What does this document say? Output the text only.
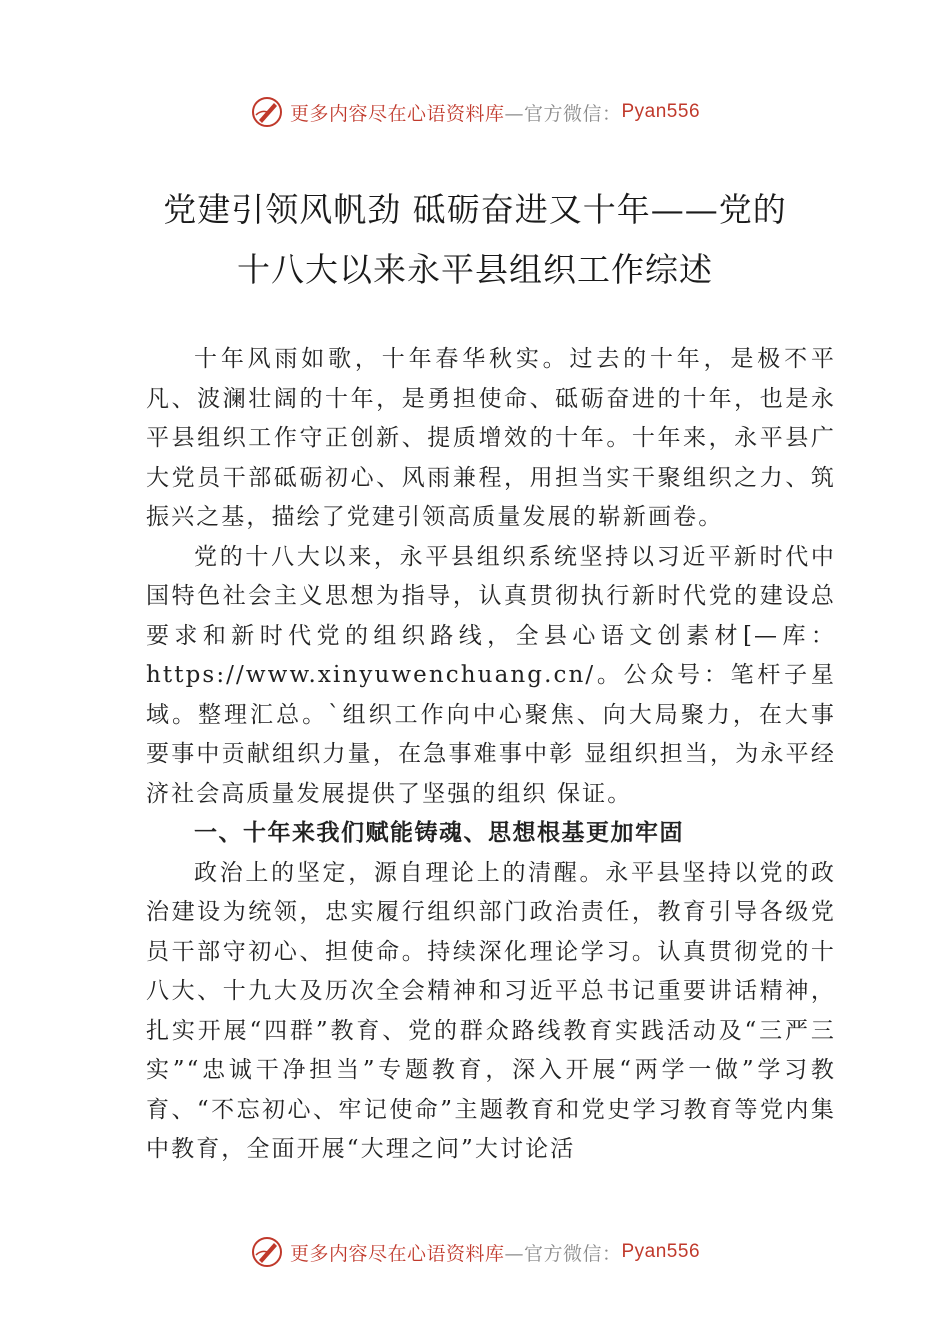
更多内容尽在心语资料库 —官方微信： Pyan556
党建引领风帆劲 砥砺奋进又十年——党的
十八大以来永平县组织工作综述

十年风雨如歌，十年春华秋实。过去的十年，是极不平凡、波澜壮阔的十年，是勇担使命、砥砺奋进的十年，也是永平县组织工作守正创新、提质增效的十年。十年来，永平县广大党员干部砥砺初心、风雨兼程，用担当实干聚组织之力、筑振兴之基，描绘了党建引领高质量发展的崭新画卷。

党的十八大以来，永平县组织系统坚持以习近平新时代中国特色社会主义思想为指导，认真贯彻执行新时代党的建设总要求和新时代党的组织路线，全县心语文创素材[—库：https://www.xinyuwenchuang.cn/。公众号：笔杆子星域。整理汇总。`组织工作向中心聚焦、向大局聚力，在大事要事中贡献组织力量，在急事难事中彰 显组织担当，为永平经济社会高质量发展提供了坚强的组织 保证。

一、十年来我们赋能铸魂、思想根基更加牢固

政治上的坚定，源自理论上的清醒。永平县坚持以党的政治建设为统领，忠实履行组织部门政治责任，教育引导各级党员干部守初心、担使命。持续深化理论学习。认真贯彻党的十八大、十九大及历次全会精神和习近平总书记重要讲话精神，扎实开展“四群”教育、党的群众路线教育实践活动及“三严三实”“忠诚干净担当”专题教育，深入开展“两学一做”学习教育、“不忘初心、牢记使命”主题教育和党史学习教育等党内集中教育，全面开展“大理之问”大讨论活

更多内容尽在心语资料库 —官方微信： Pyan556
